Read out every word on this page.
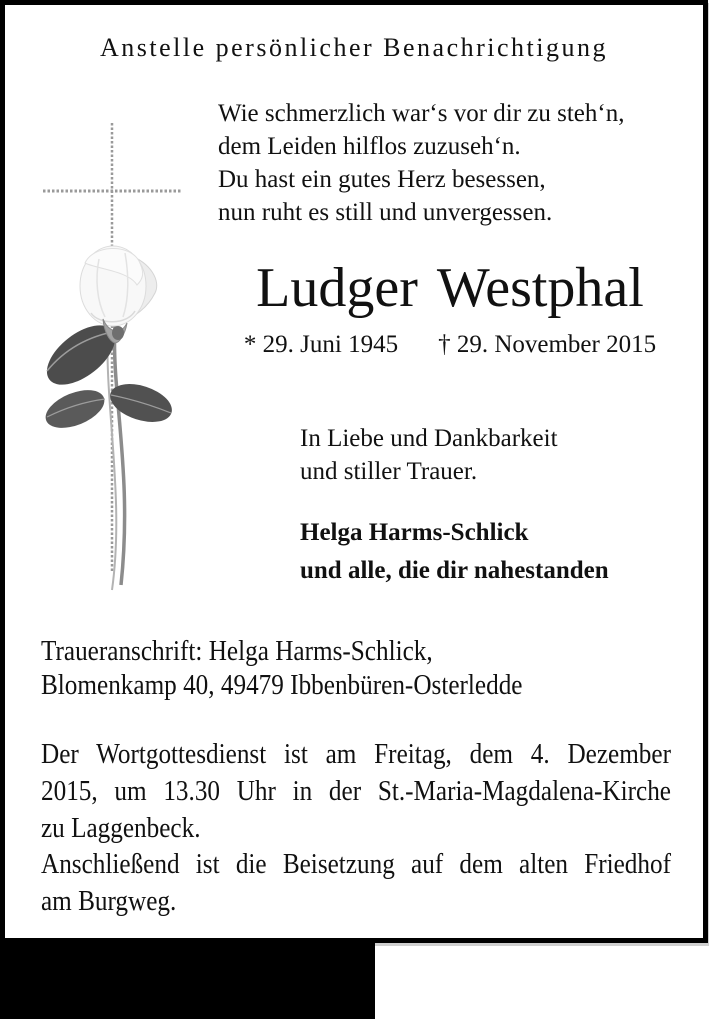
Anstelle persönlicher Benachrichtigung
Wie schmerzlich war‘s vor dir zu steh‘n,
dem Leiden hilflos zuzuseh‘n.
Du hast ein gutes Herz besessen,
nun ruht es still und unvergessen.
Ludger Westphal
* 29. Juni 1945 † 29. November 2015
In Liebe und Dankbarkeit
und stiller Trauer.
Helga Harms-Schlick
und alle, die dir nahestanden
Traueranschrift: Helga Harms-Schlick,
Blomenkamp 40, 49479 Ibbenbüren-Osterledde
Der Wortgottesdienst ist am Freitag, dem 4. Dezember
2015, um 13.30 Uhr in der St.-Maria-Magdalena-Kirche
zu Laggenbeck.
Anschließend ist die Beisetzung auf dem alten Friedhof
am Burgweg.
